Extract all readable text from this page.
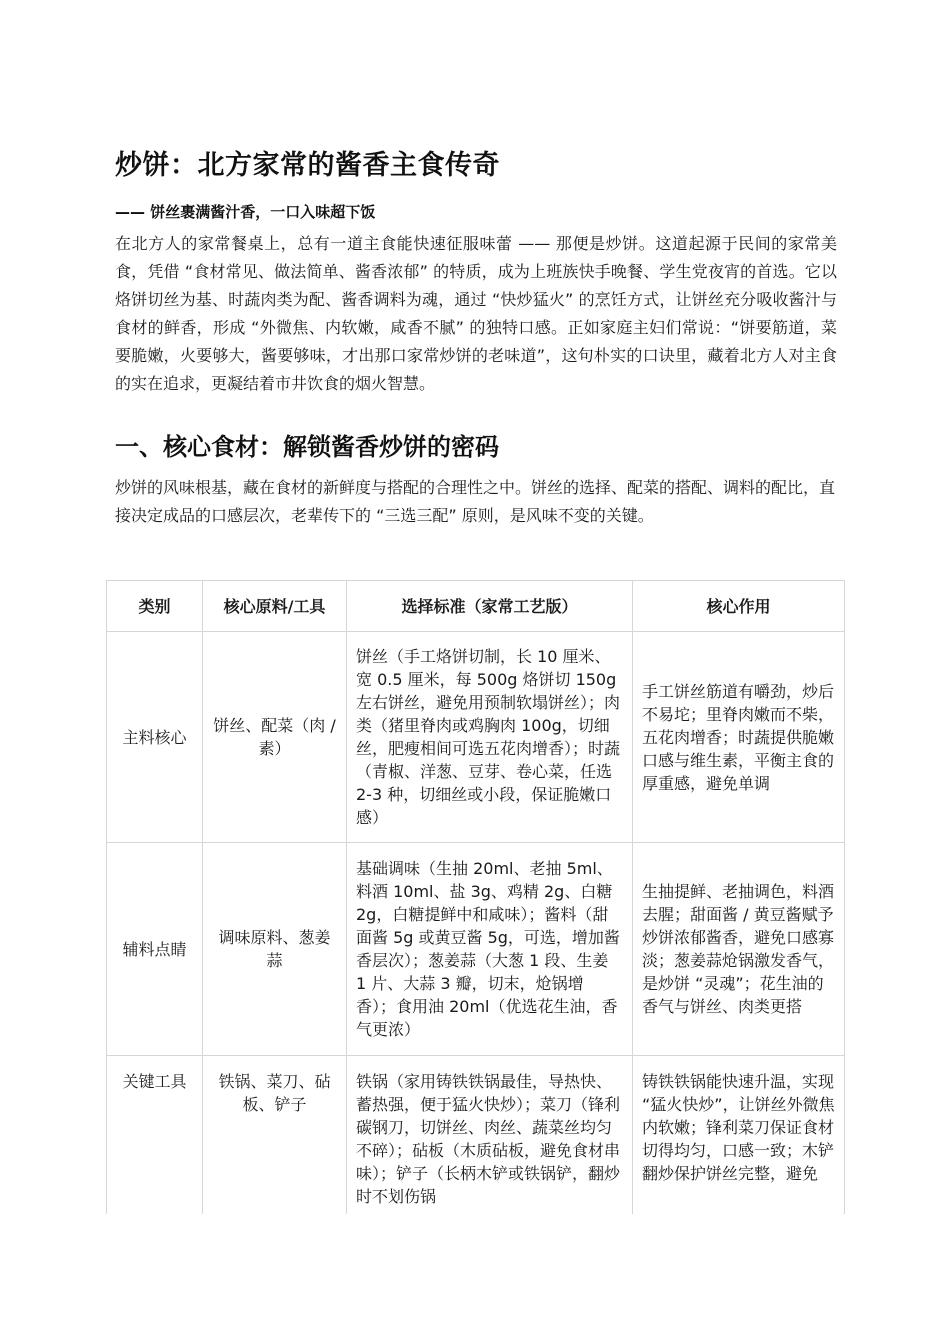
炒饼：北方家常的酱香主食传奇
—— 饼丝裹满酱汁香，一口入味超下饭

在北方人的家常餐桌上，总有一道主食能快速征服味蕾 —— 那便是炒饼。这道起源于民间的家常美食，凭借 “食材常见、做法简单、酱香浓郁” 的特质，成为上班族快手晚餐、学生党夜宵的首选。它以烙饼切丝为基、时蔬肉类为配、酱香调料为魂，通过 “快炒猛火” 的烹饪方式，让饼丝充分吸收酱汁与食材的鲜香，形成 “外微焦、内软嫩，咸香不腻” 的独特口感。正如家庭主妇们常说：“饼要筋道，菜要脆嫩，火要够大，酱要够味，才出那口家常炒饼的老味道”，这句朴实的口诀里，藏着北方人对主食的实在追求，更凝结着市井饮食的烟火智慧。

一、核心食材：解锁酱香炒饼的密码

炒饼的风味根基，藏在食材的新鲜度与搭配的合理性之中。饼丝的选择、配菜的搭配、调料的配比，直接决定成品的口感层次，老辈传下的 “三选三配” 原则，是风味不变的关键。

类别	核心原料/工具	选择标准（家常工艺版）	核心作用
主料核心	饼丝、配菜（肉 / 素）	饼丝（手工烙饼切制，长 10 厘米、宽 0.5 厘米，每 500g 烙饼切 150g 左右饼丝，避免用预制软塌饼丝）；肉类（猪里脊肉或鸡胸肉 100g，切细丝，肥瘦相间可选五花肉增香）；时蔬（青椒、洋葱、豆芽、卷心菜，任选 2-3 种，切细丝或小段，保证脆嫩口感）	手工饼丝筋道有嚼劲，炒后不易坨；里脊肉嫩而不柴，五花肉增香；时蔬提供脆嫩口感与维生素，平衡主食的厚重感，避免单调
辅料点睛	调味原料、葱姜蒜	基础调味（生抽 20ml、老抽 5ml、料酒 10ml、盐 3g、鸡精 2g、白糖 2g，白糖提鲜中和咸味）；酱料（甜面酱 5g 或黄豆酱 5g，可选，增加酱香层次）；葱姜蒜（大葱 1 段、生姜 1 片、大蒜 3 瓣，切末，炝锅增香）；食用油 20ml（优选花生油，香气更浓）	生抽提鲜、老抽调色，料酒去腥；甜面酱 / 黄豆酱赋予炒饼浓郁酱香，避免口感寡淡；葱姜蒜炝锅激发香气，是炒饼 “灵魂”；花生油的香气与饼丝、肉类更搭
关键工具	铁锅、菜刀、砧板、铲子	铁锅（家用铸铁铁锅最佳，导热快、蓄热强，便于猛火快炒）；菜刀（锋利碳钢刀，切饼丝、肉丝、蔬菜丝均匀不碎）；砧板（木质砧板，避免食材串味）；铲子（长柄木铲或铁锅铲，翻炒时不划伤锅	铸铁铁锅能快速升温，实现 “猛火快炒”，让饼丝外微焦内软嫩；锋利菜刀保证食材切得均匀，口感一致；木铲翻炒保护饼丝完整，避免
